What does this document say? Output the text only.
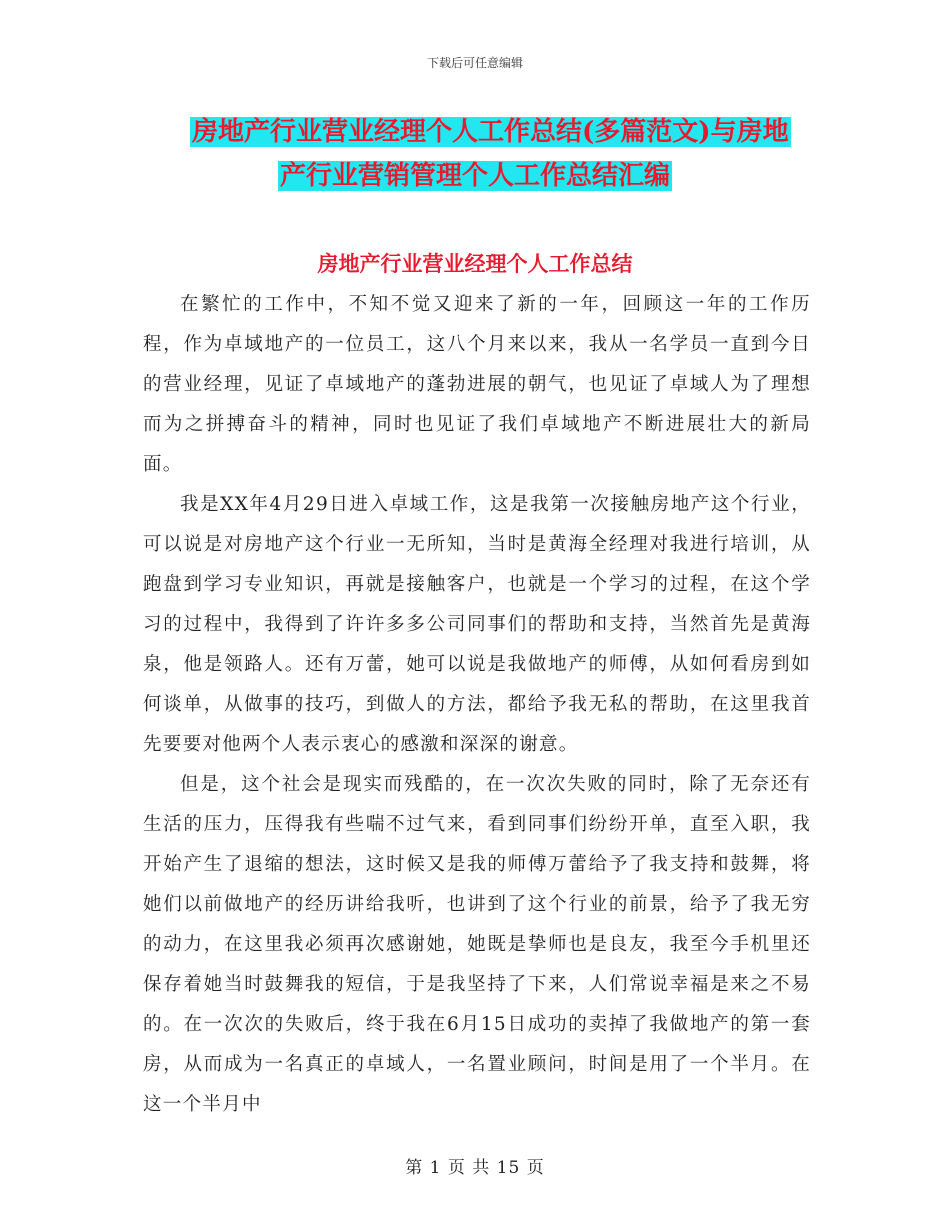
下载后可任意编辑
房地产行业营业经理个人工作总结(多篇范文)与房地
产行业营销管理个人工作总结汇编
房地产行业营业经理个人工作总结

在繁忙的工作中，不知不觉又迎来了新的一年，回顾这一年的工作历程，作为卓域地产的一位员工，这八个月来以来，我从一名学员一直到今日的营业经理，见证了卓域地产的蓬勃进展的朝气，也见证了卓域人为了理想而为之拼搏奋斗的精神，同时也见证了我们卓域地产不断进展壮大的新局面。

我是XX年4月29日进入卓域工作，这是我第一次接触房地产这个行业，可以说是对房地产这个行业一无所知，当时是黄海全经理对我进行培训，从跑盘到学习专业知识，再就是接触客户，也就是一个学习的过程，在这个学习的过程中，我得到了许许多多公司同事们的帮助和支持，当然首先是黄海泉，他是领路人。还有万蕾，她可以说是我做地产的师傅，从如何看房到如何谈单，从做事的技巧，到做人的方法，都给予我无私的帮助，在这里我首先要要对他两个人表示衷心的感激和深深的谢意。

但是，这个社会是现实而残酷的，在一次次失败的同时，除了无奈还有生活的压力，压得我有些喘不过气来，看到同事们纷纷开单，直至入职，我开始产生了退缩的想法，这时候又是我的师傅万蕾给予了我支持和鼓舞，将她们以前做地产的经历讲给我听，也讲到了这个行业的前景，给予了我无穷的动力，在这里我必须再次感谢她，她既是挚师也是良友，我至今手机里还保存着她当时鼓舞我的短信，于是我坚持了下来，人们常说幸福是来之不易的。在一次次的失败后，终于我在6月15日成功的卖掉了我做地产的第一套房，从而成为一名真正的卓域人，一名置业顾问，时间是用了一个半月。在这一个半月中

第 1 页 共 15 页
